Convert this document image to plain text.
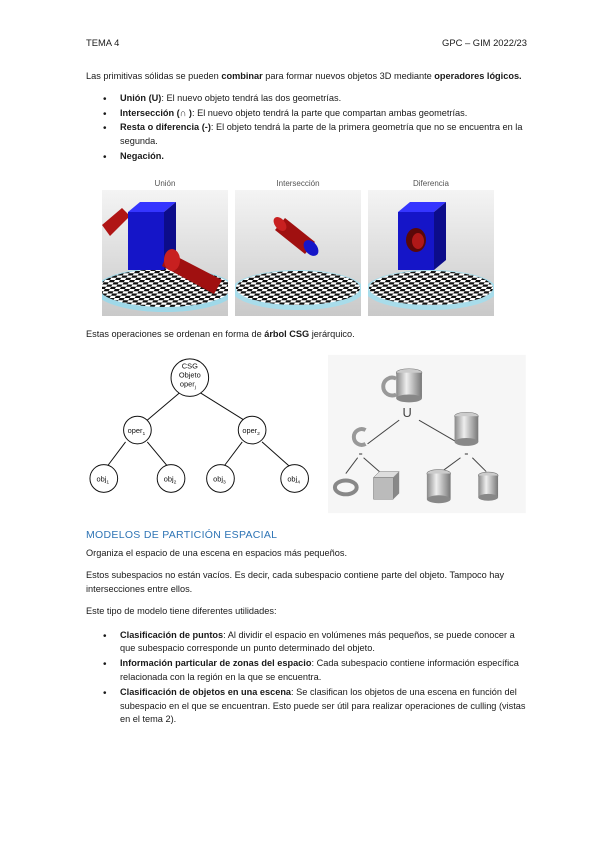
TEMA 4	GPC – GIM 2022/23

Las primitivas sólidas se pueden combinar para formar nuevos objetos 3D mediante operadores lógicos.

• Unión (U): El nuevo objeto tendrá las dos geometrías.
• Intersección (∩ ): El nuevo objeto tendrá la parte que compartan ambas geometrías.
• Resta o diferencia (-): El objeto tendrá la parte de la primera geometría que no se encuentra en la segunda.
• Negación.
Unión	Intersección	Diferencia

Estas operaciones se ordenan en forma de árbol CSG jerárquico.

CSG
Objeto
oper$_j$
oper$_1$	oper$_2$
obj$_1$	obj$_2$	obj$_3$	obj$_4$
U
-	-
MODELOS DE PARTICIÓN ESPACIAL

Organiza el espacio de una escena en espacios más pequeños.

Estos subespacios no están vacíos. Es decir, cada subespacio contiene parte del objeto. Tampoco hay intersecciones entre ellos.

Este tipo de modelo tiene diferentes utilidades:

• Clasificación de puntos: Al dividir el espacio en volúmenes más pequeños, se puede conocer a que subespacio corresponde un punto determinado del objeto.
• Información particular de zonas del espacio: Cada subespacio contiene información específica relacionada con la región en la que se encuentra.
• Clasificación de objetos en una escena: Se clasifican los objetos de una escena en función del subespacio en el que se encuentran. Esto puede ser útil para realizar operaciones de culling (vistas en el tema 2).
